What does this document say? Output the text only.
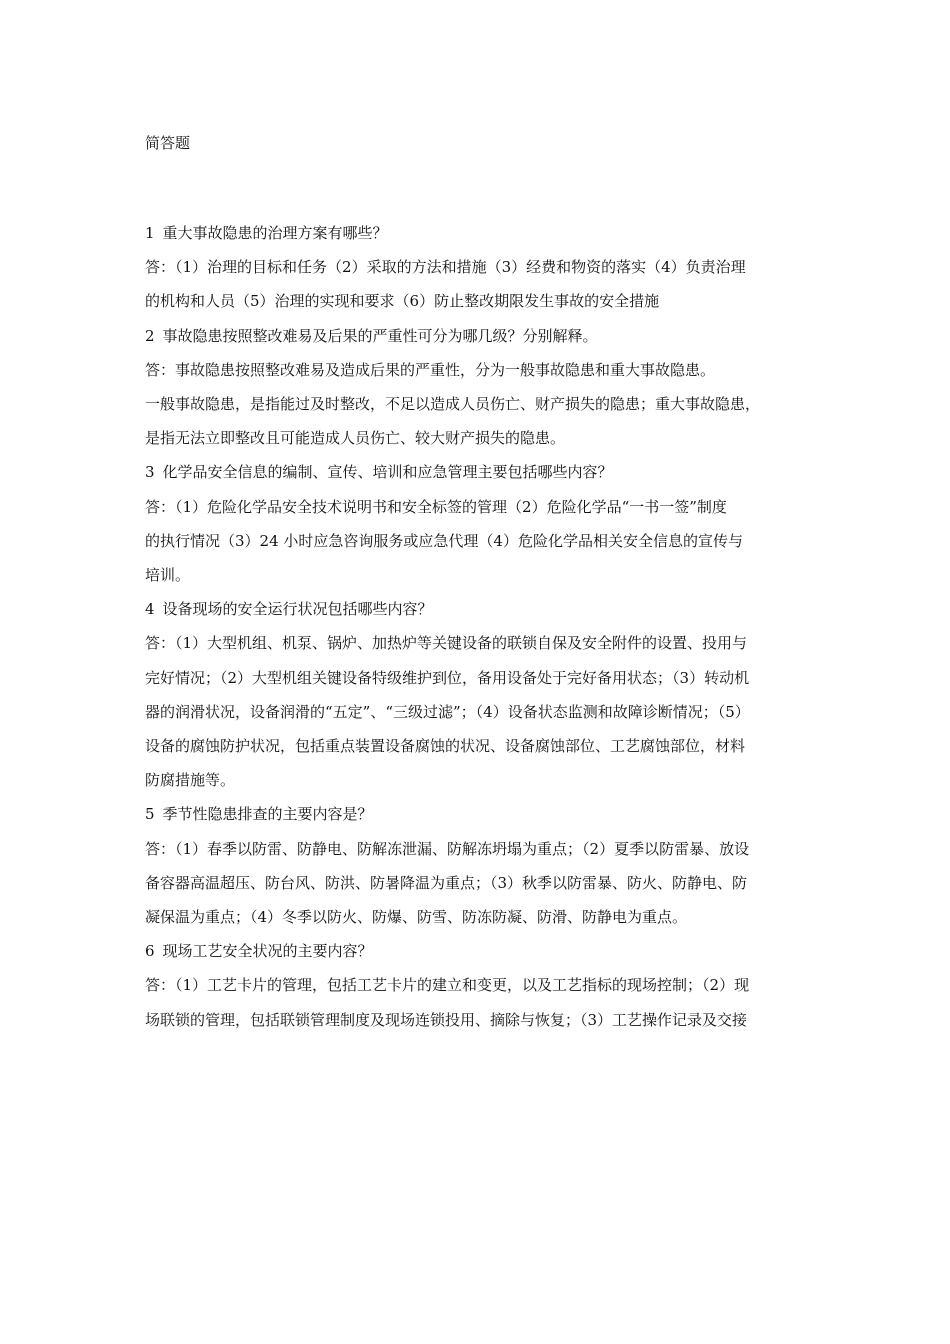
简答题

1 重大事故隐患的治理方案有哪些？

答：（1）治理的目标和任务（2）采取的方法和措施（3）经费和物资的落实（4）负责治理

的机构和人员（5）治理的实现和要求（6）防止整改期限发生事故的安全措施

2 事故隐患按照整改难易及后果的严重性可分为哪几级？分别解释。

答：事故隐患按照整改难易及造成后果的严重性，分为一般事故隐患和重大事故隐患。

一般事故隐患，是指能过及时整改，不足以造成人员伤亡、财产损失的隐患；重大事故隐患，

是指无法立即整改且可能造成人员伤亡、较大财产损失的隐患。

3 化学品安全信息的编制、宣传、培训和应急管理主要包括哪些内容？

答：（1）危险化学品安全技术说明书和安全标签的管理（2）危险化学品“一书一签”制度

的执行情况（3）24 小时应急咨询服务或应急代理（4）危险化学品相关安全信息的宣传与

培训。

4 设备现场的安全运行状况包括哪些内容？

答：（1）大型机组、机泵、锅炉、加热炉等关键设备的联锁自保及安全附件的设置、投用与

完好情况；（2）大型机组关键设备特级维护到位，备用设备处于完好备用状态；（3）转动机

器的润滑状况，设备润滑的“五定”、“三级过滤”；（4）设备状态监测和故障诊断情况；（5）

设备的腐蚀防护状况，包括重点装置设备腐蚀的状况、设备腐蚀部位、工艺腐蚀部位，材料

防腐措施等。

5 季节性隐患排查的主要内容是？

答：（1）春季以防雷、防静电、防解冻泄漏、防解冻坍塌为重点；（2）夏季以防雷暴、放设

备容器高温超压、防台风、防洪、防暑降温为重点；（3）秋季以防雷暴、防火、防静电、防

凝保温为重点；（4）冬季以防火、防爆、防雪、防冻防凝、防滑、防静电为重点。

6 现场工艺安全状况的主要内容？

答：（1）工艺卡片的管理，包括工艺卡片的建立和变更，以及工艺指标的现场控制；（2）现

场联锁的管理，包括联锁管理制度及现场连锁投用、摘除与恢复；（3）工艺操作记录及交接
